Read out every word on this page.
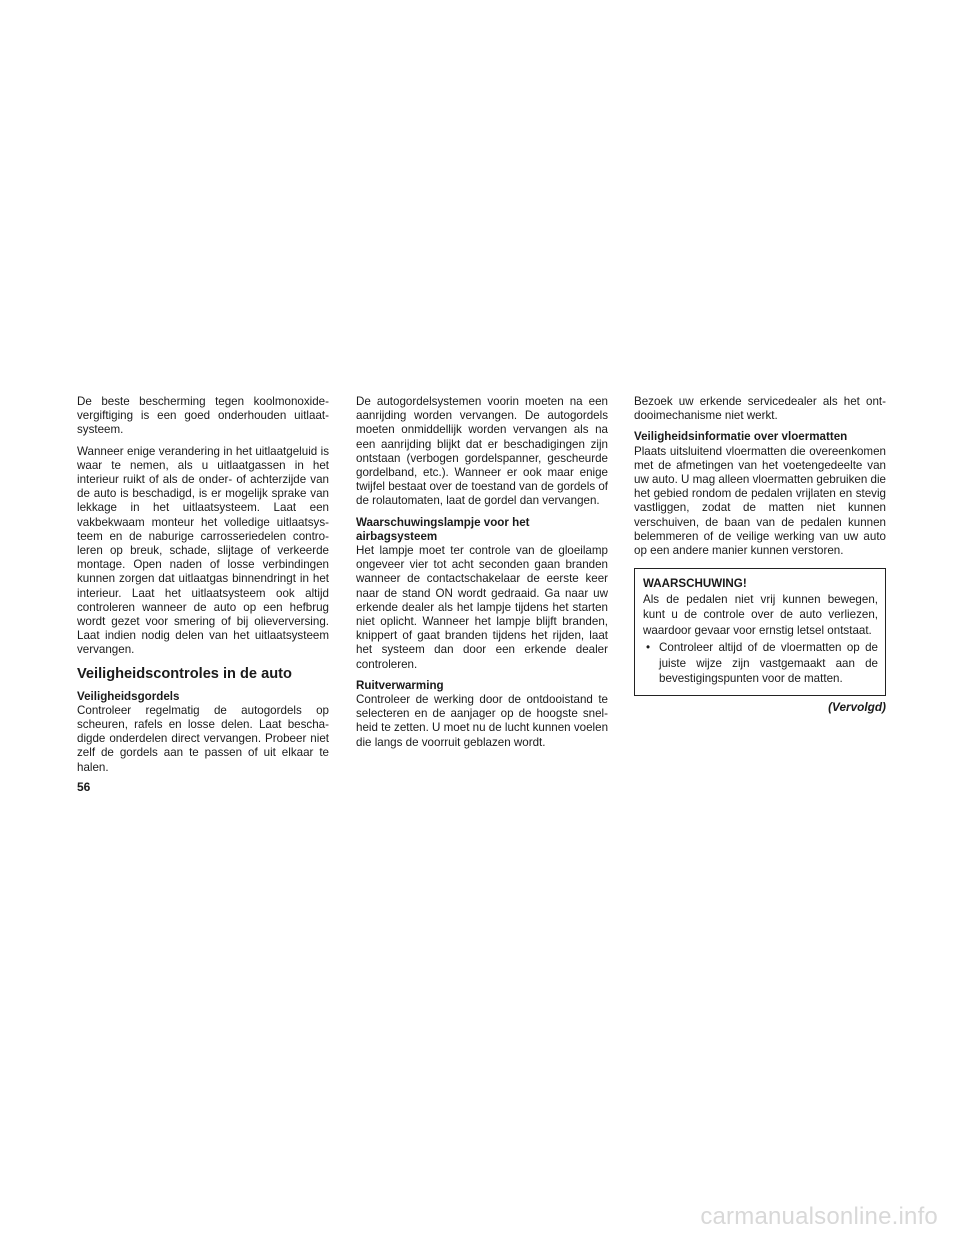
De beste bescherming tegen koolmonoxidevergiftiging is een goed onderhouden uitlaatsysteem.

Wanneer enige verandering in het uitlaatgeluid is waar te nemen, als u uitlaatgassen in het interieur ruikt of als de onder- of achterzijde van de auto is beschadigd, is er mogelijk sprake van lekkage in het uitlaatsysteem. Laat een vakbekwaam monteur het volledige uitlaatsysteem en de naburige carrosseriedelen controleren op breuk, schade, slijtage of verkeerde montage. Open naden of losse verbindingen kunnen zorgen dat uitlaatgas binnendringt in het interieur. Laat het uitlaatsysteem ook altijd controleren wanneer de auto op een hefbrug wordt gezet voor smering of bij olieverversing. Laat indien nodig delen van het uitlaatsysteem vervangen.

Veiligheidscontroles in de auto

Veiligheidsgordels

Controleer regelmatig de autogordels op scheuren, rafels en losse delen. Laat beschadigde onderdelen direct vervangen. Probeer niet zelf de gordels aan te passen of uit elkaar te halen.

De autogordelsystemen voorin moeten na een aanrijding worden vervangen. De autogordels moeten onmiddellijk worden vervangen als na een aanrijding blijkt dat er beschadigingen zijn ontstaan (verbogen gordelspanner, gescheurde gordelband, etc.). Wanneer er ook maar enige twijfel bestaat over de toestand van de gordels of de rolautomaten, laat de gordel dan vervangen.

Waarschuwingslampje voor het

airbagsysteem

Het lampje moet ter controle van de gloeilamp ongeveer vier tot acht seconden gaan branden wanneer de contactschakelaar de eerste keer naar de stand ON wordt gedraaid. Ga naar uw erkende dealer als het lampje tijdens het starten niet oplicht. Wanneer het lampje blijft branden, knippert of gaat branden tijdens het rijden, laat het systeem dan door een erkende dealer controleren.

Ruitverwarming

Controleer de werking door de ontdooistand te selecteren en de aanjager op de hoogste snelheid te zetten. U moet nu de lucht kunnen voelen die langs de voorruit geblazen wordt.

Bezoek uw erkende servicedealer als het ontdooimechanisme niet werkt.

Veiligheidsinformatie over vloermatten

Plaats uitsluitend vloermatten die overeenkomen met de afmetingen van het voetengedeelte van uw auto. U mag alleen vloermatten gebruiken die het gebied rondom de pedalen vrijlaten en stevig vastliggen, zodat de matten niet kunnen verschuiven, de baan van de pedalen kunnen belemmeren of de veilige werking van uw auto op een andere manier kunnen verstoren.

WAARSCHUWING!

Als de pedalen niet vrij kunnen bewegen, kunt u de controle over de auto verliezen, waardoor gevaar voor ernstig letsel ontstaat.

• Controleer altijd of de vloermatten op de juiste wijze zijn vastgemaakt aan de bevestigingspunten voor de matten.
(Vervolgd)
56
carmanualsonline.info
